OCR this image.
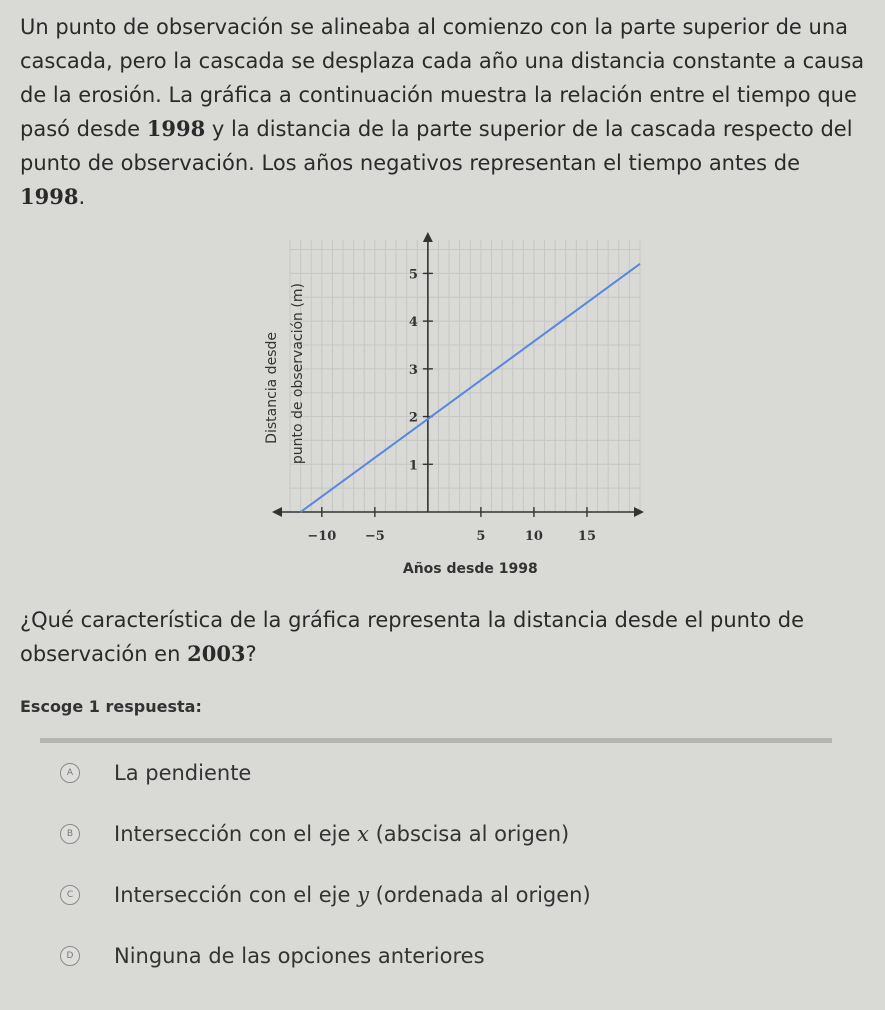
Un punto de observación se alineaba al comienzo con la parte superior de una cascada, pero la cascada se desplaza cada año una distancia constante a causa de la erosión. La gráfica a continuación muestra la relación entre el tiempo que pasó desde 1998 y la distancia de la parte superior de la cascada respecto del punto de observación. Los años negativos representan el tiempo antes de 1998.

−10 −5	5	10	15
1
2
3
4
5
Años desde 1998
Distancia desde punto de observación (m)

¿Qué característica de la gráfica representa la distancia desde el punto de observación en 2003?

Escoge 1 respuesta:
A	La pendiente
B	Intersección con el eje x (abscisa al origen)
C	Intersección con el eje y (ordenada al origen)
D	Ninguna de las opciones anteriores
